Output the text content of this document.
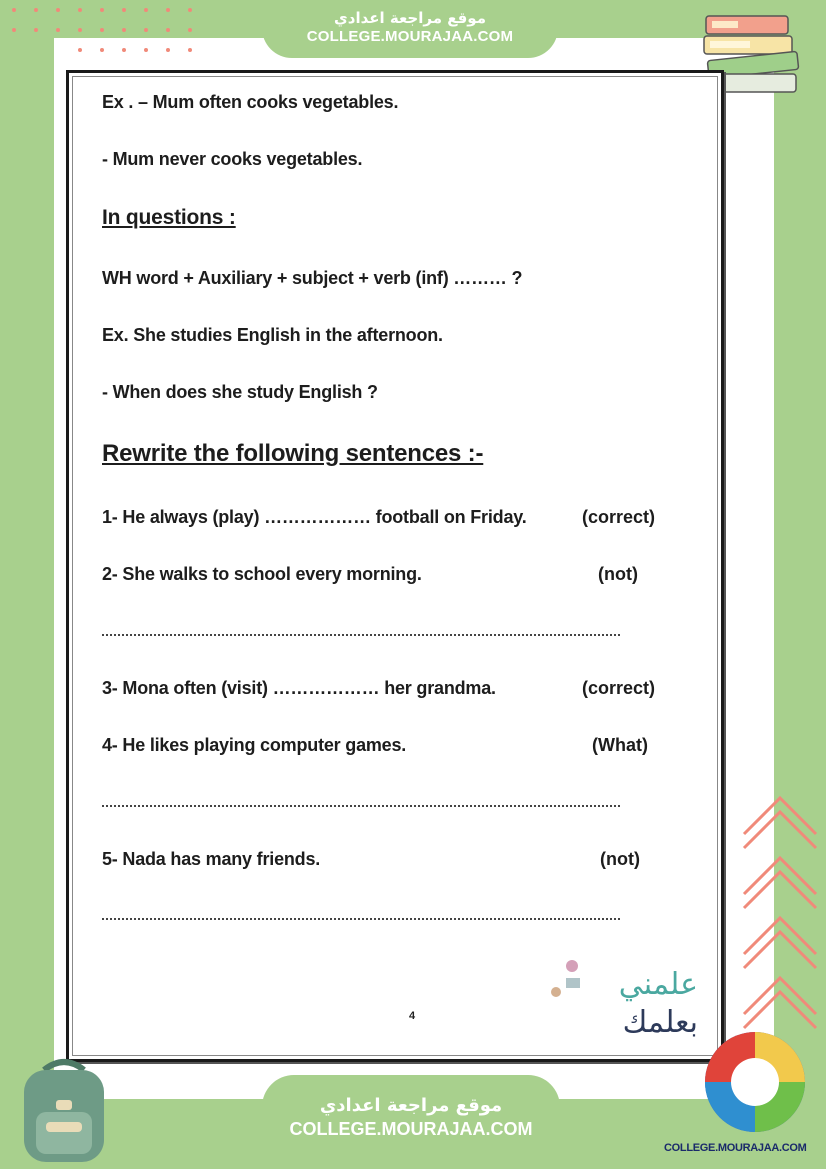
موقع مراجعة اعدادي
COLLEGE.MOURAJAA.COM
Ex . – Mum often cooks vegetables.
- Mum never cooks vegetables.
In questions :
WH word + Auxiliary + subject + verb (inf) ……… ?
Ex. She studies English in the afternoon.
- When does she study English ?
Rewrite the following sentences :-
1- He always (play) ……………… football on Friday.	(correct)
2- She walks to school every morning.	(not)
3- Mona often (visit) ……………… her grandma.	(correct)
4- He likes playing computer games.	(What)
5- Nada has many friends.	(not)
علمني
بعلمك
4
موقع مراجعة اعدادي
COLLEGE.MOURAJAA.COM
COLLEGE.MOURAJAA.COM
